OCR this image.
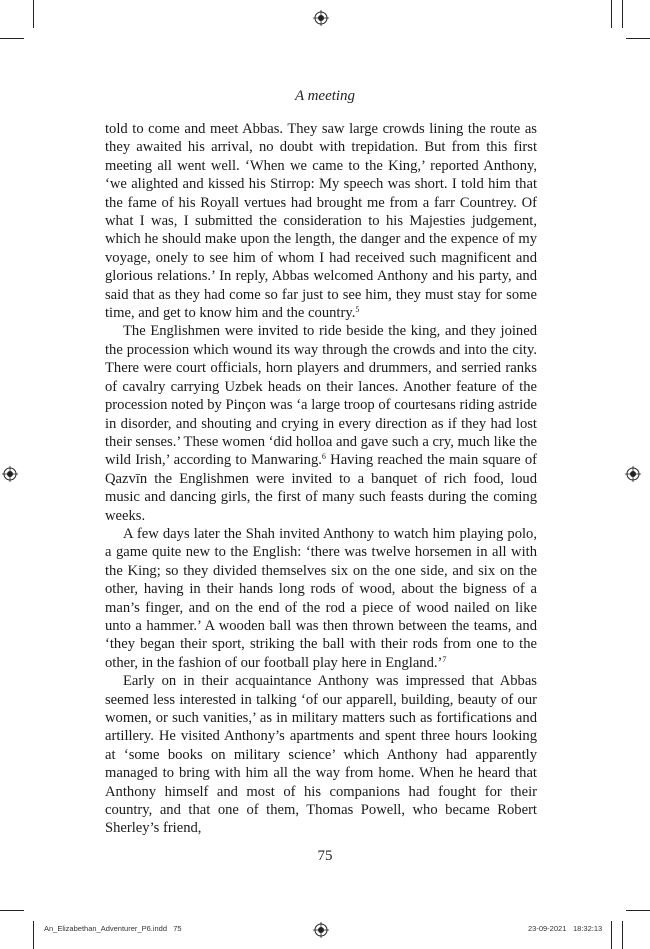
A meeting

told to come and meet Abbas. They saw large crowds lining the route as they awaited his arrival, no doubt with trepidation. But from this first meeting all went well. ‘When we came to the King,’ reported Anthony, ‘we alighted and kissed his Stirrop: My speech was short. I told him that the fame of his Royall vertues had brought me from a farr Countrey. Of what I was, I submitted the consideration to his Majesties judgement, which he should make upon the length, the danger and the expence of my voyage, onely to see him of whom I had received such magnificent and glorious relations.’ In reply, Abbas welcomed Anthony and his party, and said that as they had come so far just to see him, they must stay for some time, and get to know him and the country.$^5$

The Englishmen were invited to ride beside the king, and they joined the procession which wound its way through the crowds and into the city. There were court officials, horn players and drummers, and serried ranks of cavalry carrying Uzbek heads on their lances. Another feature of the procession noted by Pinçon was ‘a large troop of courtesans riding astride in disorder, and shouting and crying in every direction as if they had lost their senses.’ These women ‘did holloa and gave such a cry, much like the wild Irish,’ according to Manwaring.$^6$ Having reached the main square of Qazvīn the Englishmen were invited to a banquet of rich food, loud music and dancing girls, the first of many such feasts during the coming weeks.

A few days later the Shah invited Anthony to watch him playing polo, a game quite new to the English: ‘there was twelve horsemen in all with the King; so they divided themselves six on the one side, and six on the other, having in their hands long rods of wood, about the bigness of a man’s finger, and on the end of the rod a piece of wood nailed on like unto a hammer.’ A wooden ball was then thrown between the teams, and ‘they began their sport, striking the ball with their rods from one to the other, in the fashion of our football play here in England.’$^7$

Early on in their acquaintance Anthony was impressed that Abbas seemed less interested in talking ‘of our apparell, building, beauty of our women, or such vanities,’ as in military matters such as fortifications and artillery. He visited Anthony’s apartments and spent three hours looking at ‘some books on military science’ which Anthony had apparently managed to bring with him all the way from home. When he heard that Anthony himself and most of his companions had fought for their country, and that one of them, Thomas Powell, who became Robert Sherley’s friend,

75
An_Elizabethan_Adventurer_P6.indd   75	23-09-2021 18:32:13
